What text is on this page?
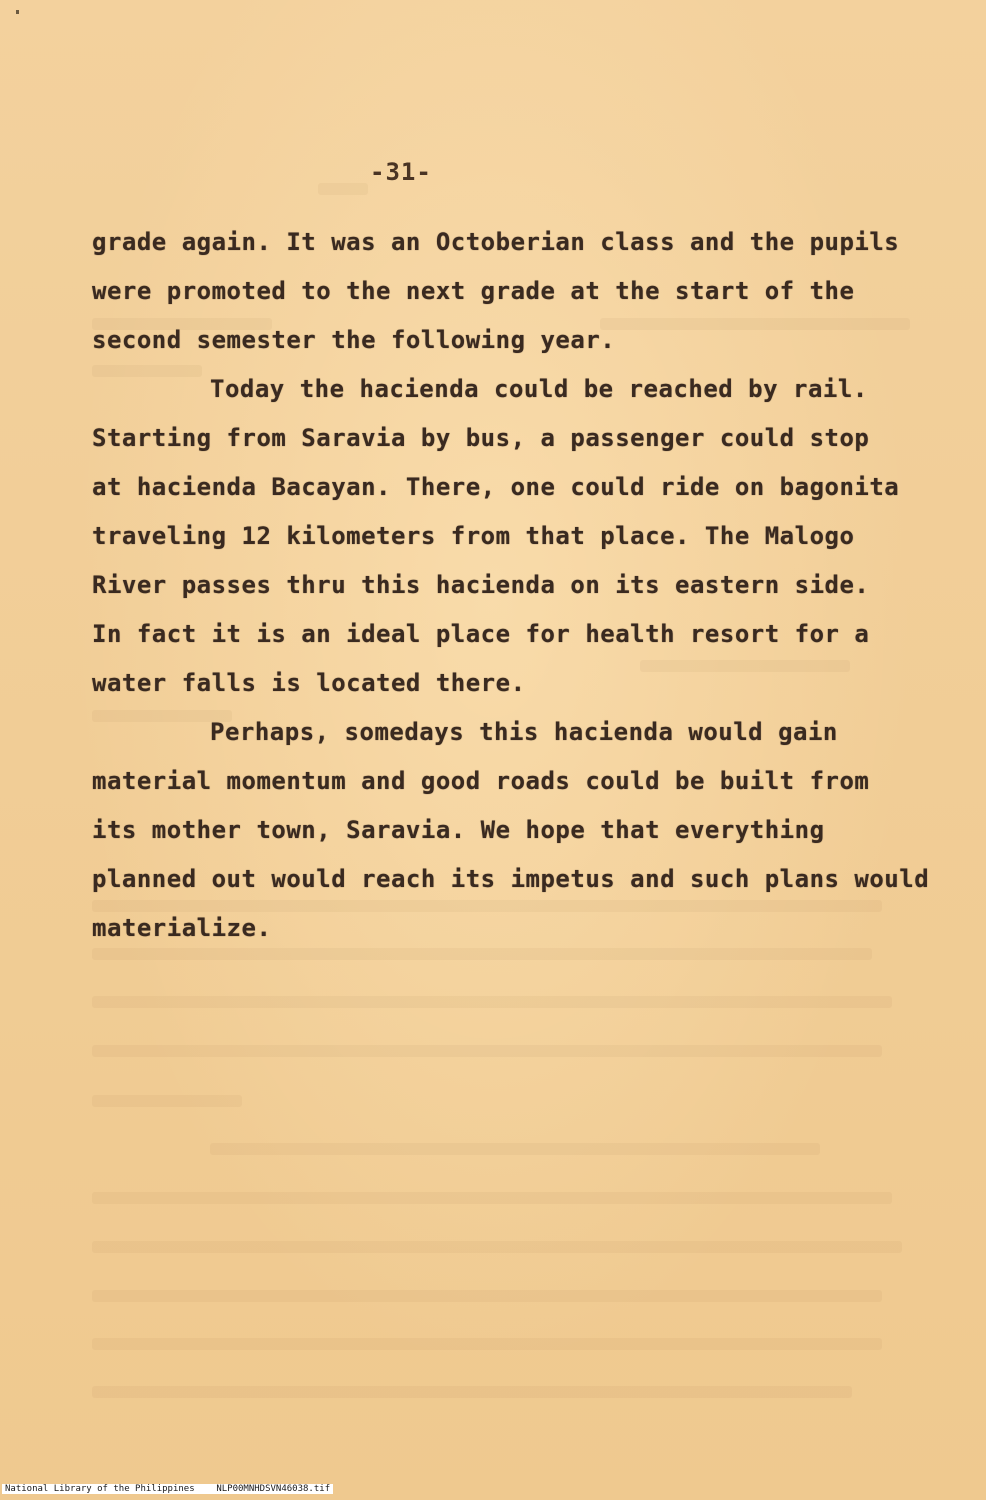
-31-
grade again. It was an Octoberian class and the pupils
were promoted to the next grade at the start of the
second semester the following year.
Today the hacienda could be reached by rail.
Starting from Saravia by bus, a passenger could stop
at hacienda Bacayan. There, one could ride on bagonita
traveling 12 kilometers from that place. The Malogo
River passes thru this hacienda on its eastern side.
In fact it is an ideal place for health resort for a
water falls is located there.
Perhaps, somedays this hacienda would gain
material momentum and good roads could be built from
its mother town, Saravia. We hope that everything
planned out would reach its impetus and such plans would
materialize.
National Library of the Philippines    NLP00MNHDSVN46038.tif
